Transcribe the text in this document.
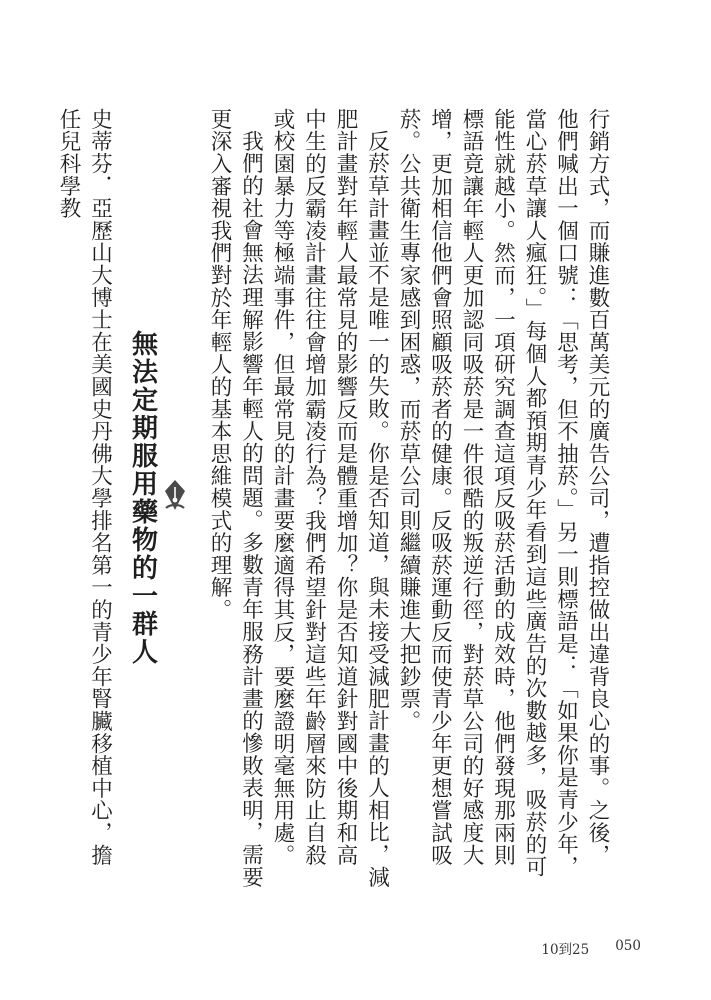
行銷方式，而賺進數百萬美元的廣告公司，遭指控做出違背良心的事。之後，他們喊出一個口號：「思考，但不抽菸。」另一則標語是：「如果你是青少年，當心菸草讓人瘋狂。」每個人都預期青少年看到這些廣告的次數越多，吸菸的可能性就越小。然而，一項研究調查這項反吸菸活動的成效時，他們發現那兩則標語竟讓年輕人更加認同吸菸是一件很酷的叛逆行徑，對菸草公司的好感度大增，更加相信他們會照顧吸菸者的健康。反吸菸運動反而使青少年更想嘗試吸菸。公共衛生專家感到困惑，而菸草公司則繼續賺進大把鈔票。

反菸草計畫並不是唯一的失敗。你是否知道，與未接受減肥計畫的人相比，減肥計畫對年輕人最常見的影響反而是體重增加？你是否知道針對國中後期和高中生的反霸凌計畫往往會增加霸凌行為？我們希望針對這些年齡層來防止自殺或校園暴力等極端事件，但最常見的計畫要麼適得其反，要麼證明毫無用處。

我們的社會無法理解影響年輕人的問題。多數青年服務計畫的慘敗表明，需要更深入審視我們對於年輕人的基本思維模式的理解。

無法定期服用藥物的一群人

史蒂芬．亞歷山大博士在美國史丹佛大學排名第一的青少年腎臟移植中心，擔任兒科學教

10到25 050
